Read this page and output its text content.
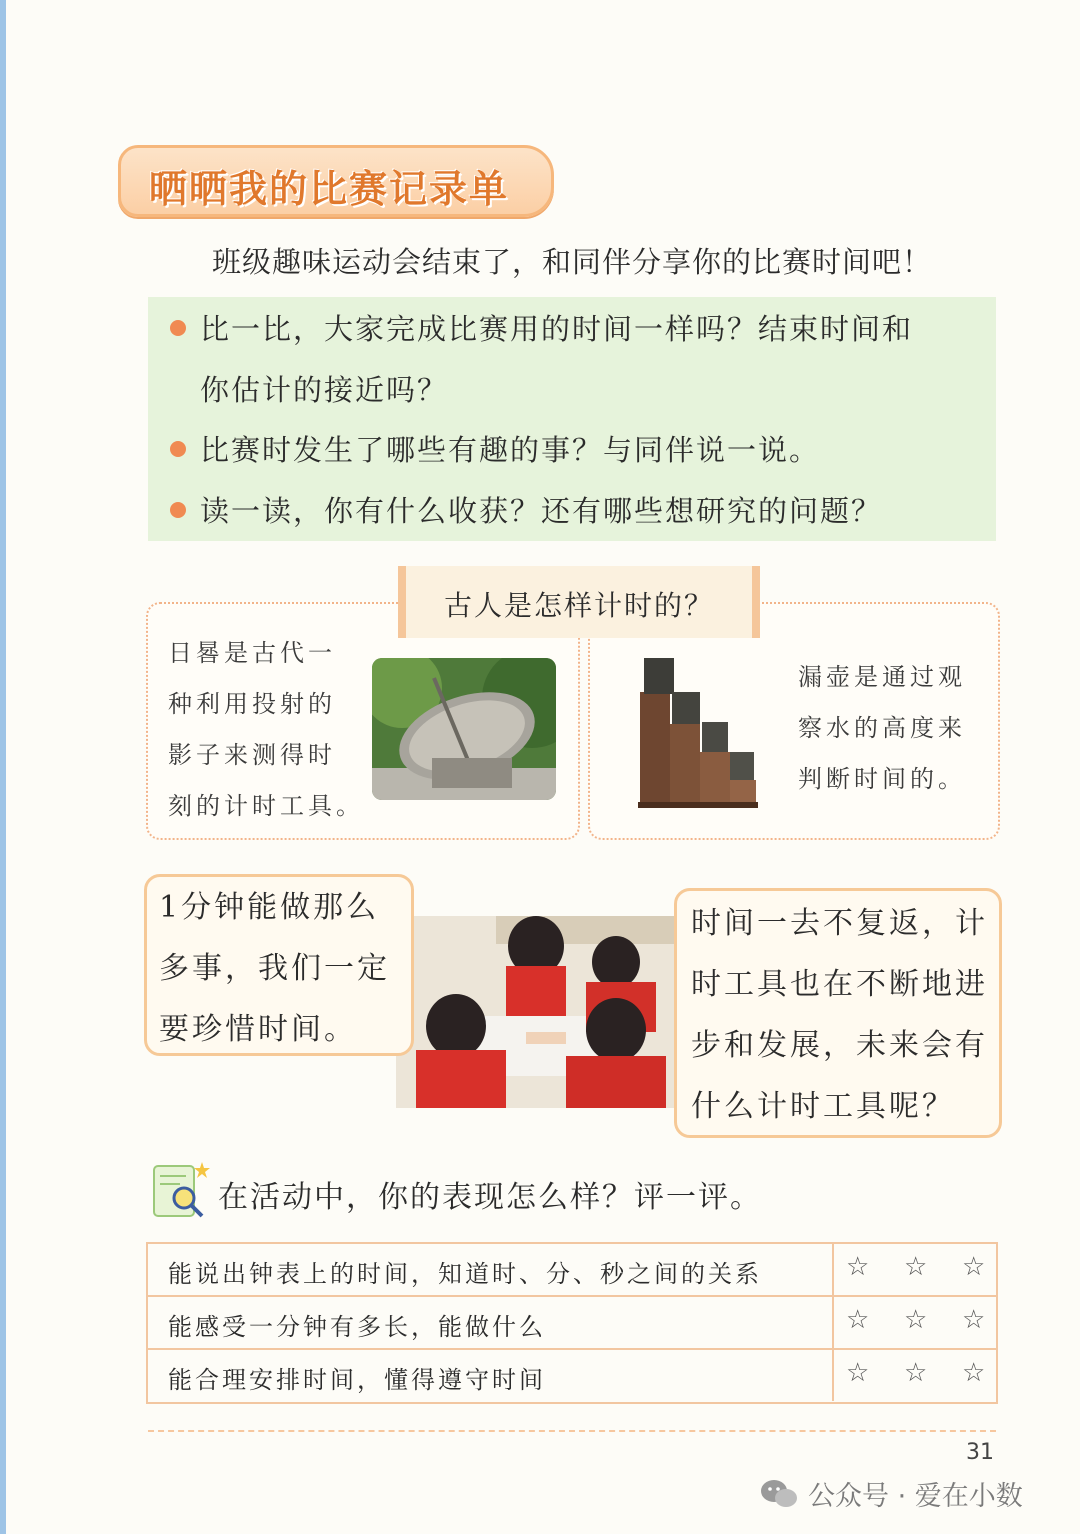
晒晒我的比赛记录单
班级趣味运动会结束了，和同伴分享你的比赛时间吧！
比一比，大家完成比赛用的时间一样吗？结束时间和
你估计的接近吗？
比赛时发生了哪些有趣的事？与同伴说一说。
读一读，你有什么收获？还有哪些想研究的问题？
古人是怎样计时的？
日晷是古代一
种利用投射的
影子来测得时
刻的计时工具。
漏壶是通过观
察水的高度来
判断时间的。
1分钟能做那么
多事，我们一定
要珍惜时间。
时间一去不复返，计
时工具也在不断地进
步和发展，未来会有
什么计时工具呢？
在活动中，你的表现怎么样？评一评。
能说出钟表上的时间，知道时、分、秒之间的关系	☆ ☆ ☆
能感受一分钟有多长，能做什么	☆ ☆ ☆
能合理安排时间，懂得遵守时间	☆ ☆ ☆
31
公众号 · 爱在小数
